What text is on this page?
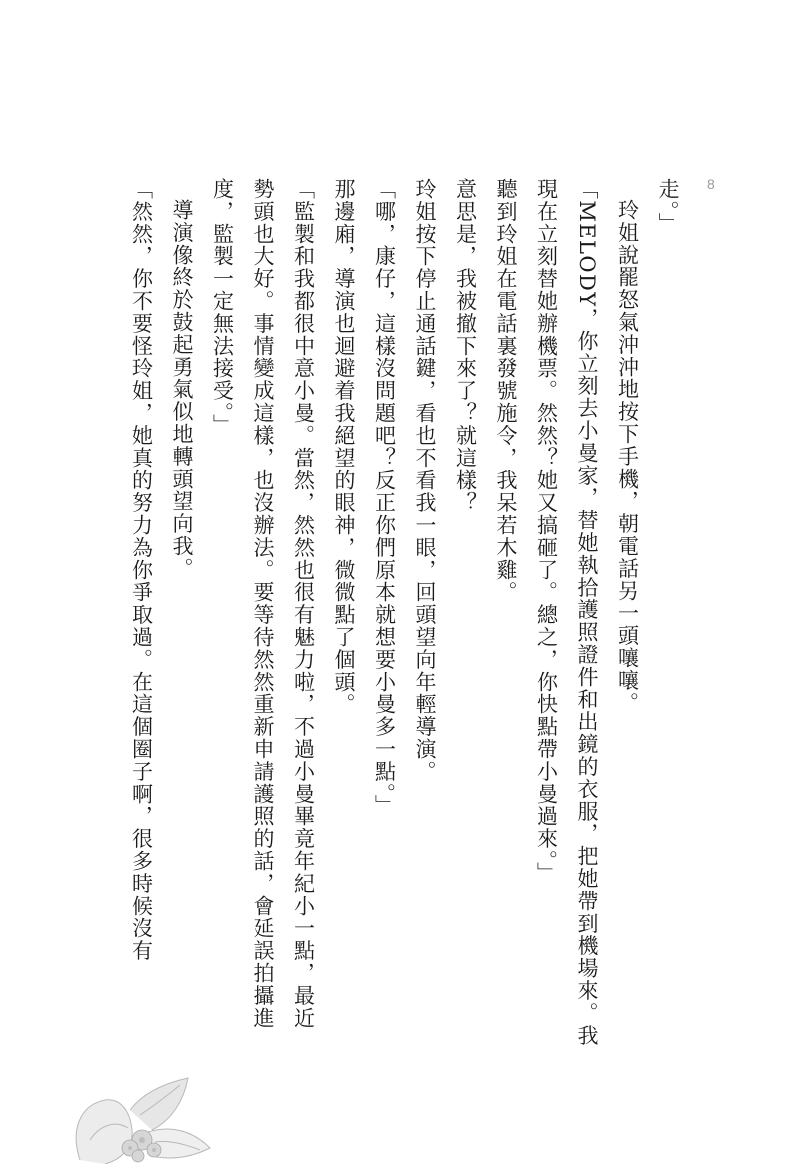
8

走。」

玲姐說罷怒氣沖沖地按下手機，朝電話另一頭嚷嚷。

「MELODY，你立刻去小曼家，替她執拾護照證件和出鏡的衣服，把她帶到機場來。我現在立刻替她辦機票。然然？她又搞砸了。總之，你快點帶小曼過來。」

聽到玲姐在電話裏發號施令，我呆若木雞。

意思是，我被撤下來了？就這樣？

玲姐按下停止通話鍵，看也不看我一眼，回頭望向年輕導演。

「哪，康仔，這樣沒問題吧？反正你們原本就想要小曼多一點。」

那邊廂，導演也迴避着我絕望的眼神，微微點了個頭。

「監製和我都很中意小曼。當然，然然也很有魅力啦，不過小曼畢竟年紀小一點，最近勢頭也大好。事情變成這樣，也沒辦法。要等待然然重新申請護照的話，會延誤拍攝進度，監製一定無法接受。」

導演像終於鼓起勇氣似地轉頭望向我。

「然然，你不要怪玲姐，她真的努力為你爭取過。在這個圈子啊，很多時候沒有
